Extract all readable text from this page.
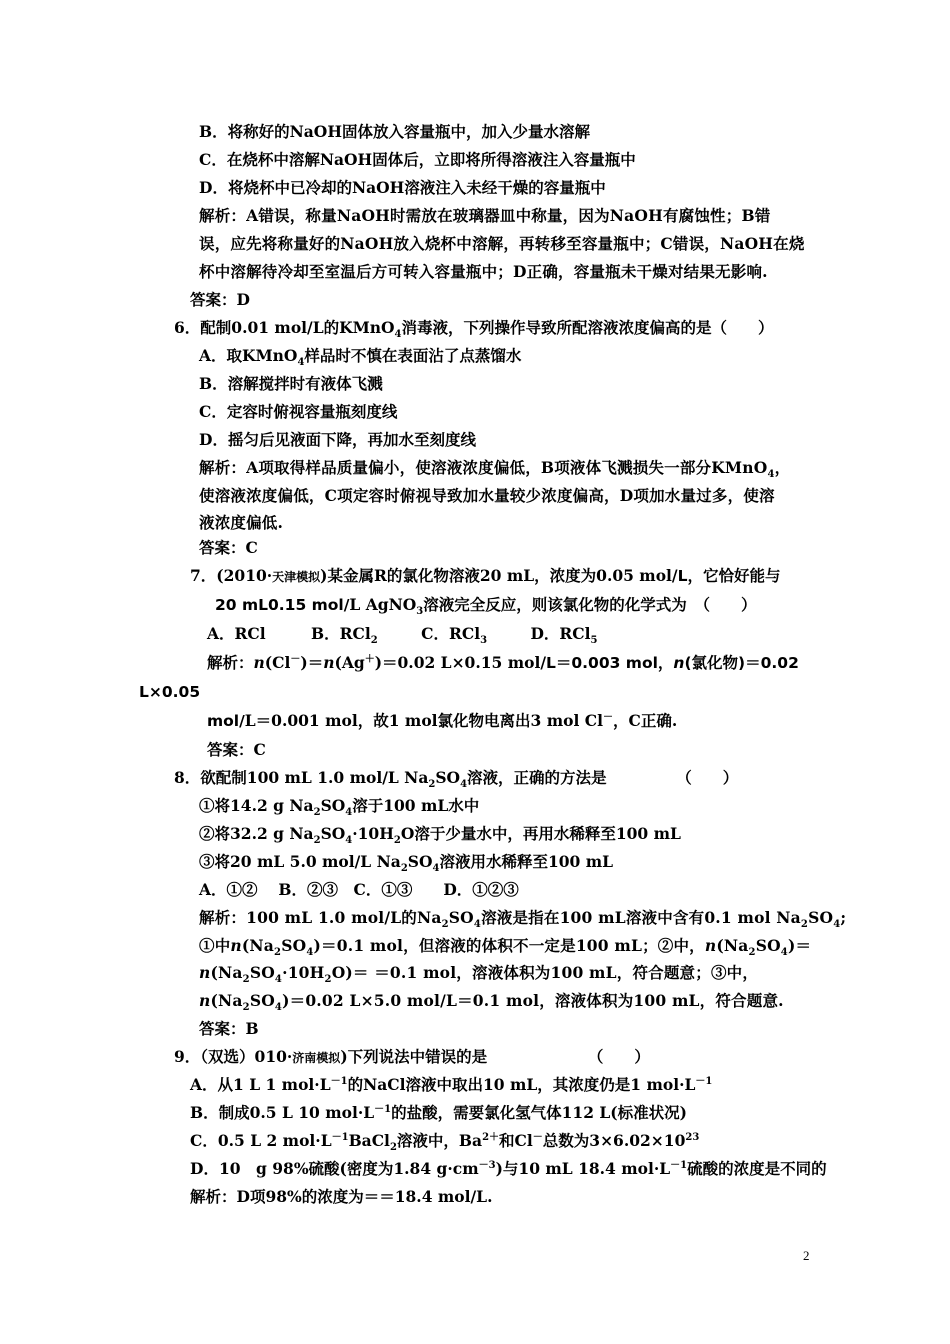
B．将称好的NaOH固体放入容量瓶中，加入少量水溶解
C．在烧杯中溶解NaOH固体后，立即将所得溶液注入容量瓶中
D．将烧杯中已冷却的NaOH溶液注入未经干燥的容量瓶中
解析：A错误，称量NaOH时需放在玻璃器皿中称量，因为NaOH有腐蚀性；B错
误，应先将称量好的NaOH放入烧杯中溶解，再转移至容量瓶中；C错误，NaOH在烧
杯中溶解待冷却至室温后方可转入容量瓶中；D正确，容量瓶未干燥对结果无影响.
答案：D
6．配制0.01 mol/L的KMnO$_4$消毒液，下列操作导致所配溶液浓度偏高的是（　　）
A．取KMnO$_4$样品时不慎在表面沾了点蒸馏水
B．溶解搅拌时有液体飞溅
C．定容时俯视容量瓶刻度线
D．摇匀后见液面下降，再加水至刻度线
解析：A项取得样品质量偏小，使溶液浓度偏低，B项液体飞溅损失一部分KMnO$_4$，
使溶液浓度偏低，C项定容时俯视导致加水量较少浓度偏高，D项加水量过多，使溶
液浓度偏低.
答案：C
7．(2010·天津模拟)某金属R的氯化物溶液20 mL，浓度为0.05 mol/L，它恰好能与
20 mL0.15 mol/L AgNO$_3$溶液完全反应，则该氯化物的化学式为　（　　）
A．RCl	B．RCl$_2$	C．RCl$_3$	D．RCl$_5$
解析：n(Cl－)＝n(Ag＋)＝0.02 L×0.15 mol/L＝0.003 mol，n(氯化物)＝0.02
L×0.05
mol/L＝0.001 mol，故1 mol氯化物电离出3 mol Cl－，C正确.
答案：C
8．欲配制100 mL 1.0 mol/L $Na_2SO_4$溶液，正确的方法是　　　　　（　　）
①将14.2 g $Na_2SO_4$溶于100 mL水中
②将32.2 g $Na_2SO_4\cdot 10H_2O$溶于少量水中，再用水稀释至100 mL
③将20 mL 5.0 mol/L $Na_2SO_4$溶液用水稀释至100 mL
A．①②　 B．②③　C．①③　　D．①②③
解析：100 mL 1.0 mol/L的$Na_2SO_4$溶液是指在100 mL溶液中含有0.1 mol $Na_2SO_4$;
①中$n(Na_2SO_4)=0.1$ mol，但溶液的体积不一定是100 mL；②中，$n(Na_2SO_4)=$
$n(Na_2SO_4\cdot 10H_2O)= =0.1$ mol，溶液体积为100 mL，符合题意；③中，
$n(Na_2SO_4)=0.02$ L×5.0 mol/L＝0.1 mol，溶液体积为100 mL，符合题意.
答案：B
9．（双选）010·济南模拟)下列说法中错误的是　　　　　　　（　　）
A．从1 L 1 $mol\cdot L^{-1}$的NaCl溶液中取出10 mL，其浓度仍是1 $mol\cdot L^{-1}$
B．制成0.5 L 10 $mol\cdot L^{-1}$的盐酸，需要氯化氢气体112 L(标准状况)
C．0.5 L 2 $mol\cdot L^{-1}BaCl_2$溶液中，$Ba^{2+}$和Cl－总数为$3\times 6.02\times 10^{23}$
D．10　g 98%硫酸(密度为1.84 $g\cdot cm^{-3}$)与10 mL 18.4 $mol\cdot L^{-1}$硫酸的浓度是不同的
解析：D项98%的浓度为＝＝18.4 mol/L.
2
